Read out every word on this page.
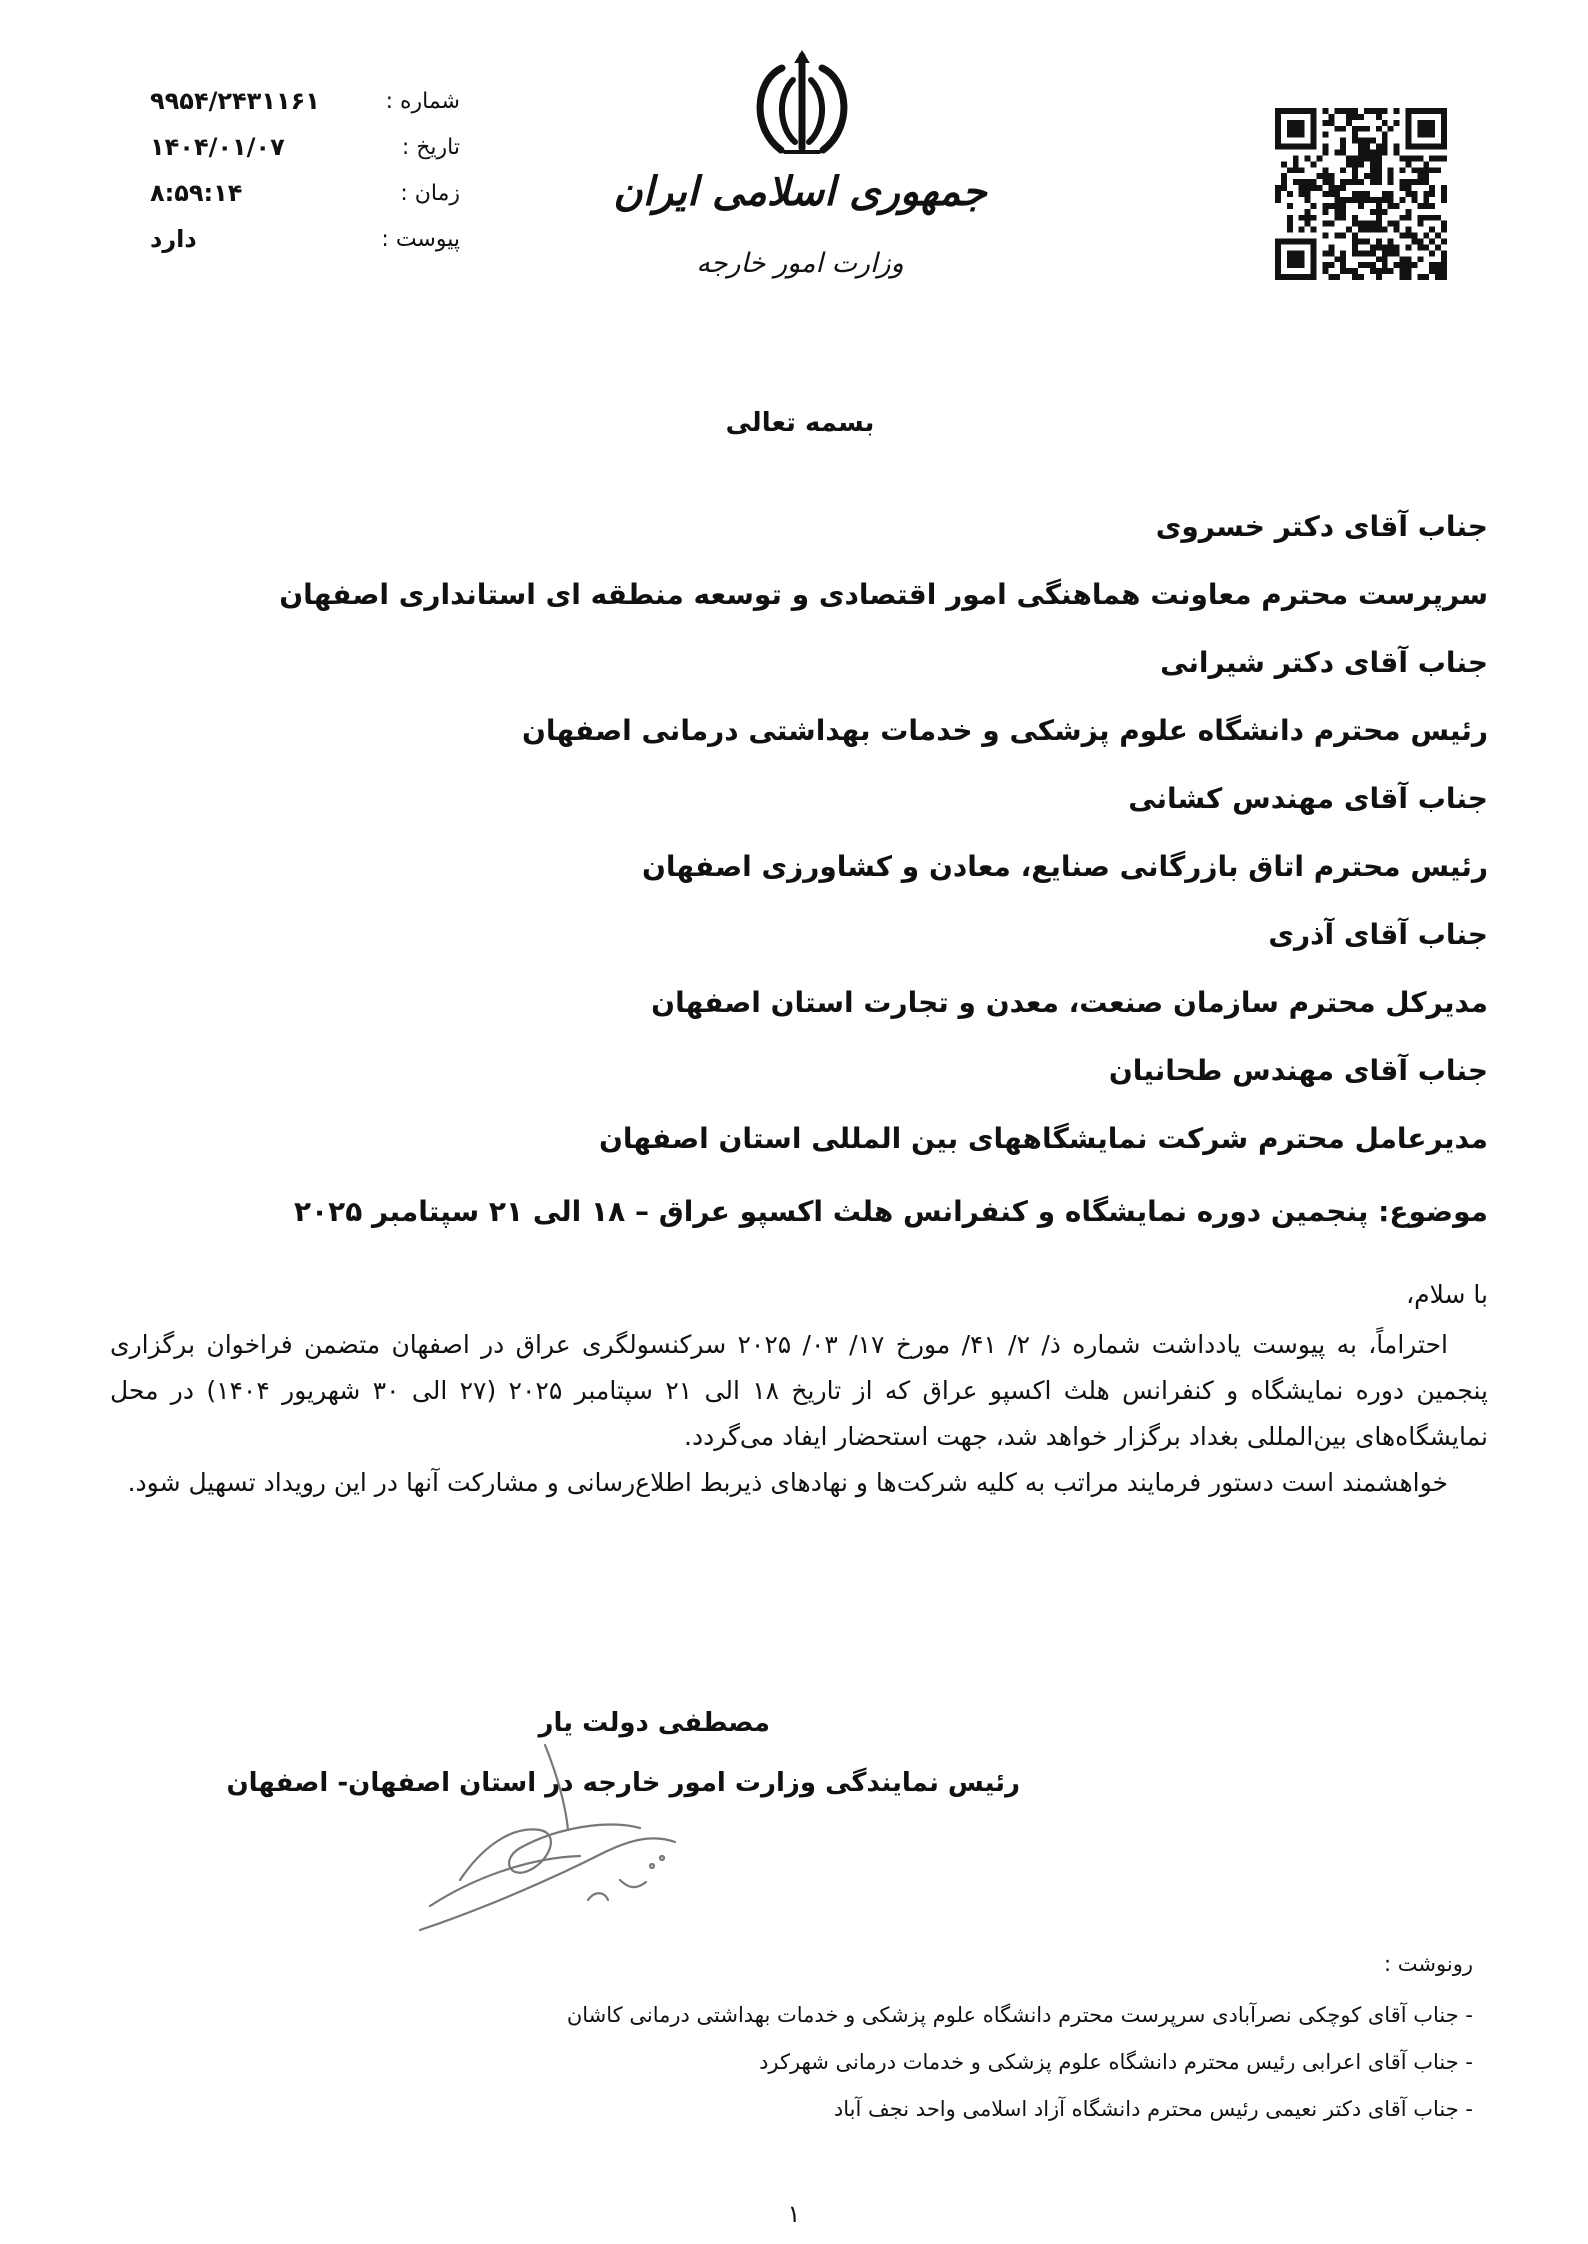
شماره :
۹۹۵۴/۲۴۳۱۱۶۱
تاریخ :
۱۴۰۴/۰۱/۰۷
زمان :
۸:۵۹:۱۴
پیوست :
دارد
جمهوری اسلامی ایران
وزارت امور خارجه
بسمه تعالی
جناب آقای دکتر خسروی
سرپرست محترم معاونت هماهنگی امور اقتصادی و توسعه منطقه ای استانداری اصفهان
جناب آقای دکتر شیرانی
رئیس محترم دانشگاه علوم پزشکی و خدمات بهداشتی درمانی اصفهان
جناب آقای مهندس کشانی
رئیس محترم اتاق بازرگانی صنایع، معادن و کشاورزی اصفهان
جناب آقای آذری
مدیرکل محترم سازمان صنعت، معدن و تجارت استان اصفهان
جناب آقای مهندس طحانیان
مدیرعامل محترم شرکت نمایشگاههای بین المللی استان اصفهان
موضوع: پنجمین دوره نمایشگاه و کنفرانس هلث اکسپو عراق – ۱۸ الی ۲۱ سپتامبر ۲۰۲۵
با سلام،
احتراماً، به پیوست یادداشت شماره ذ/ ۲/ ۴۱/ مورخ ۱۷/ ۰۳/ ۲۰۲۵ سرکنسولگری عراق در اصفهان متضمن فراخوان برگزاری پنجمین دوره نمایشگاه و کنفرانس هلث اکسپو عراق که از تاریخ ۱۸ الی ۲۱ سپتامبر ۲۰۲۵ (۲۷ الی ۳۰ شهریور ۱۴۰۴) در محل نمایشگاه‌های بین‌المللی بغداد برگزار خواهد شد، جهت استحضار ایفاد می‌گردد.
خواهشمند است دستور فرمایند مراتب به کلیه شرکت‌ها و نهادهای ذیربط اطلاع‌رسانی و مشارکت آنها در این رویداد تسهیل شود.
مصطفی دولت یار
رئیس نمایندگی وزارت امور خارجه در استان اصفهان- اصفهان
رونوشت :
- جناب آقای کوچکی نصرآبادی سرپرست محترم دانشگاه علوم پزشکی و خدمات بهداشتی درمانی کاشان
- جناب آقای اعرابی رئیس محترم دانشگاه علوم پزشکی و خدمات درمانی شهرکرد
- جناب آقای دکتر نعیمی رئیس محترم دانشگاه آزاد اسلامی واحد نجف آباد
۱
